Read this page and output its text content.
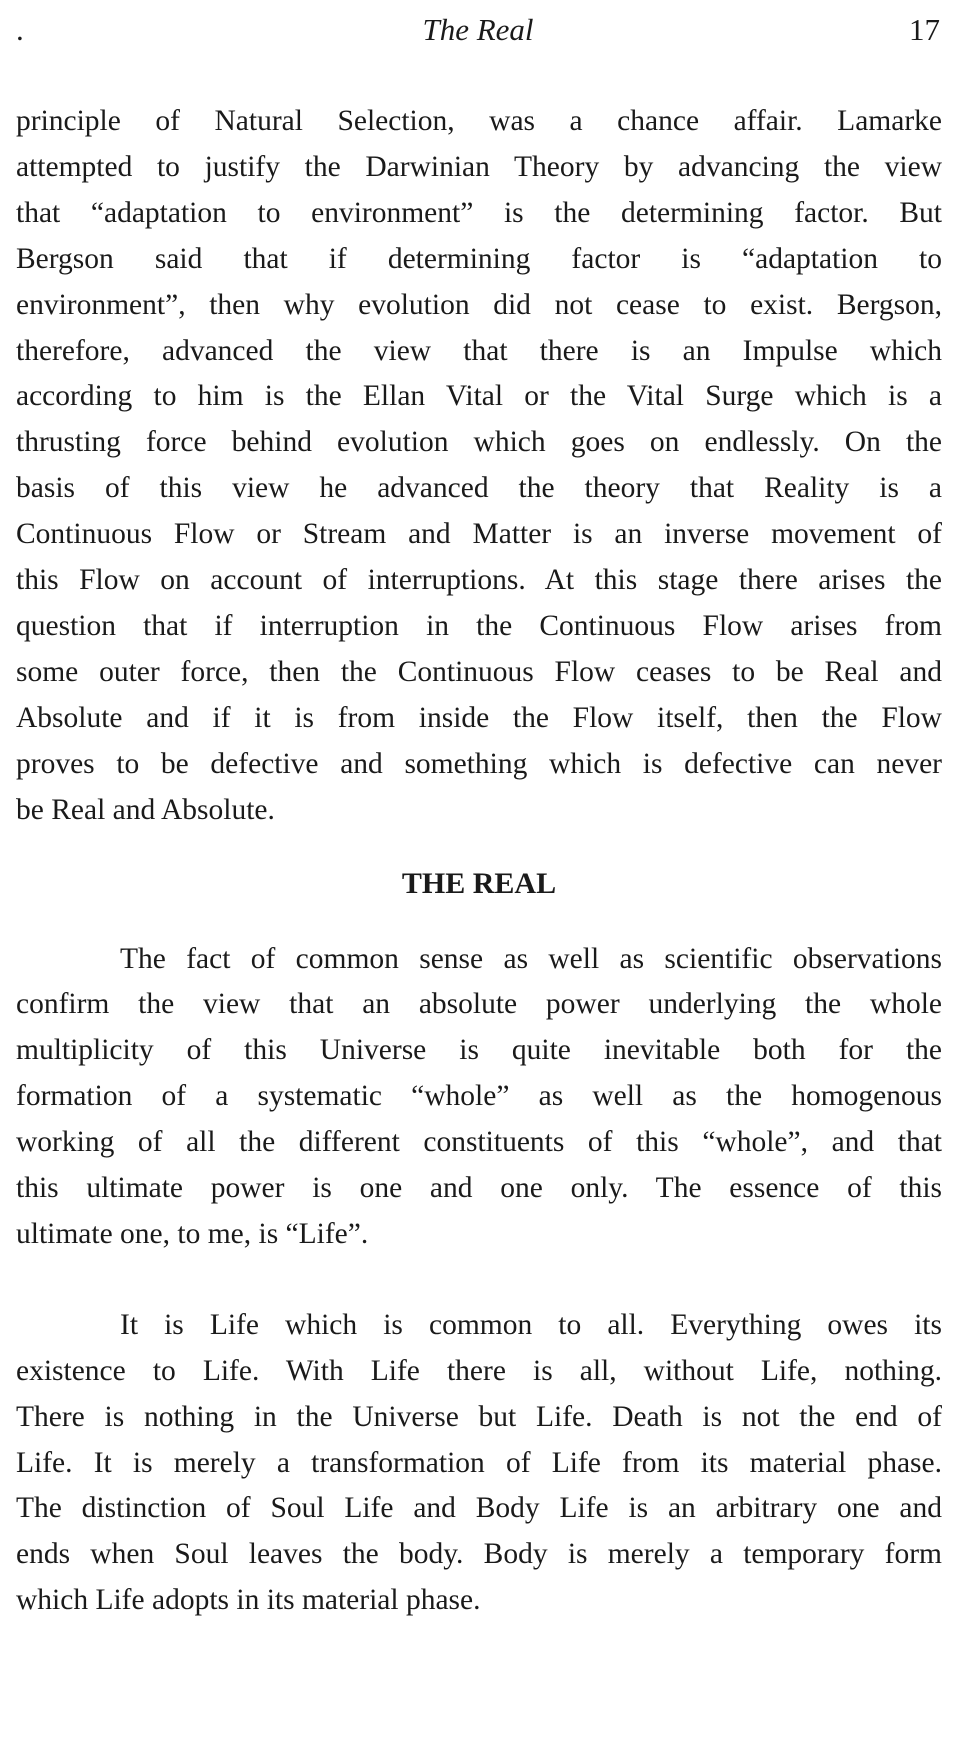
.	The Real	17

principle of Natural Selection, was a chance affair. Lamarke
attempted to justify the Darwinian Theory by advancing the view
that “adaptation to environment” is the determining factor. But
Bergson said that if determining factor is “adaptation to
environment”, then why evolution did not cease to exist. Bergson,
therefore, advanced the view that there is an Impulse which
according to him is the Ellan Vital or the Vital Surge which is a
thrusting force behind evolution which goes on endlessly. On the
basis of this view he advanced the theory that Reality is a
Continuous Flow or Stream and Matter is an inverse movement of
this Flow on account of interruptions. At this stage there arises the
question that if interruption in the Continuous Flow arises from
some outer force, then the Continuous Flow ceases to be Real and
Absolute and if it is from inside the Flow itself, then the Flow
proves to be defective and something which is defective can never
be Real and Absolute.

THE REAL

The fact of common sense as well as scientific observations
confirm the view that an absolute power underlying the whole
multiplicity of this Universe is quite inevitable both for the
formation of a systematic “whole” as well as the homogenous
working of all the different constituents of this “whole”, and that
this ultimate power is one and one only. The essence of this
ultimate one, to me, is “Life”.

It is Life which is common to all. Everything owes its
existence to Life. With Life there is all, without Life, nothing.
There is nothing in the Universe but Life. Death is not the end of
Life. It is merely a transformation of Life from its material phase.
The distinction of Soul Life and Body Life is an arbitrary one and
ends when Soul leaves the body. Body is merely a temporary form
which Life adopts in its material phase.
